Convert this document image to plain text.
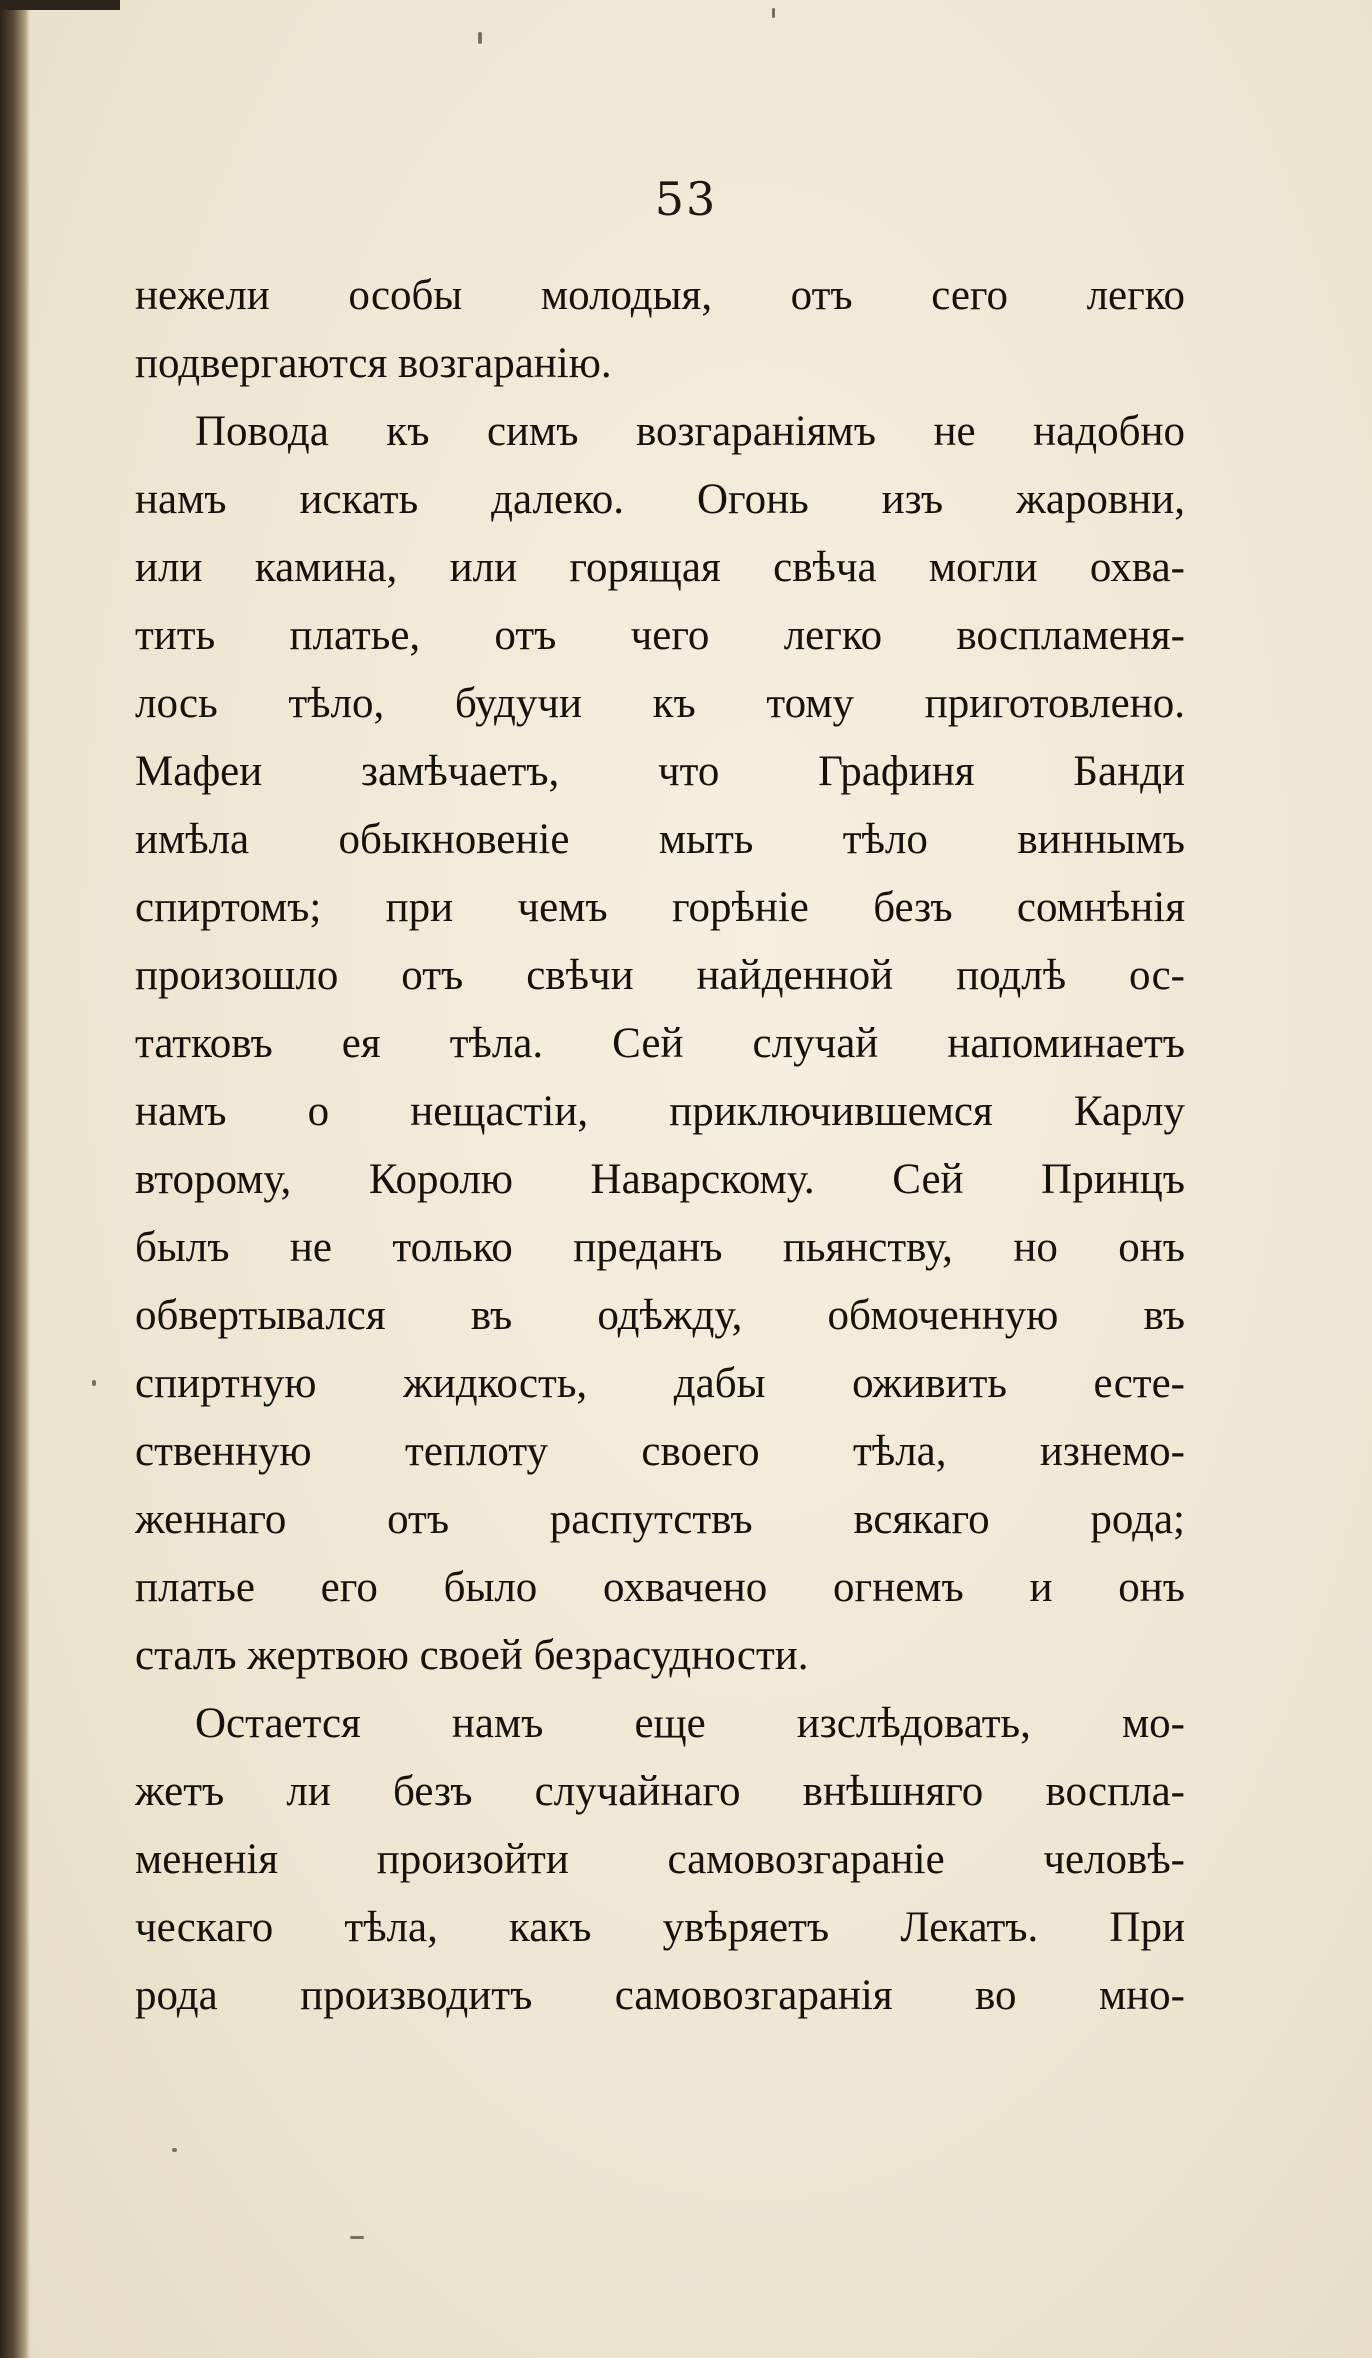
53
нежели особы молодыя, отъ сего легко
подвергаются возгаранію.
Повода къ симъ возгараніямъ не надобно
намъ искать далеко. Огонь изъ жаровни,
или камина, или горящая свѣча могли охва-
тить платье, отъ чего легко воспламеня-
лось тѣло, будучи къ тому приготовлено.
Мафеи замѣчаетъ, что Графиня Банди
имѣла обыкновеніе мыть тѣло виннымъ
спиртомъ; при чемъ горѣніе безъ сомнѣнія
произошло отъ свѣчи найденной подлѣ ос-
татковъ ея тѣла. Сей случай напоминаетъ
намъ о нещастіи, приключившемся Карлу
второму, Королю Наварскому. Сей Принцъ
былъ не только преданъ пьянству, но онъ
обвертывался въ одѣжду, обмоченную въ
спиртную жидкость, дабы оживить есте-
ственную теплоту своего тѣла, изнемо-
женнаго отъ распутствъ всякаго рода;
платье его было охвачено огнемъ и онъ
сталъ жертвою своей безрасудности.
Остается намъ еще изслѣдовать, мо-
жетъ ли безъ случайнаго внѣшняго воспла-
мененія произойти самовозгараніе человѣ-
ческаго тѣла, какъ увѣряетъ Лекатъ. При
рода производитъ самовозгаранія во мно-
